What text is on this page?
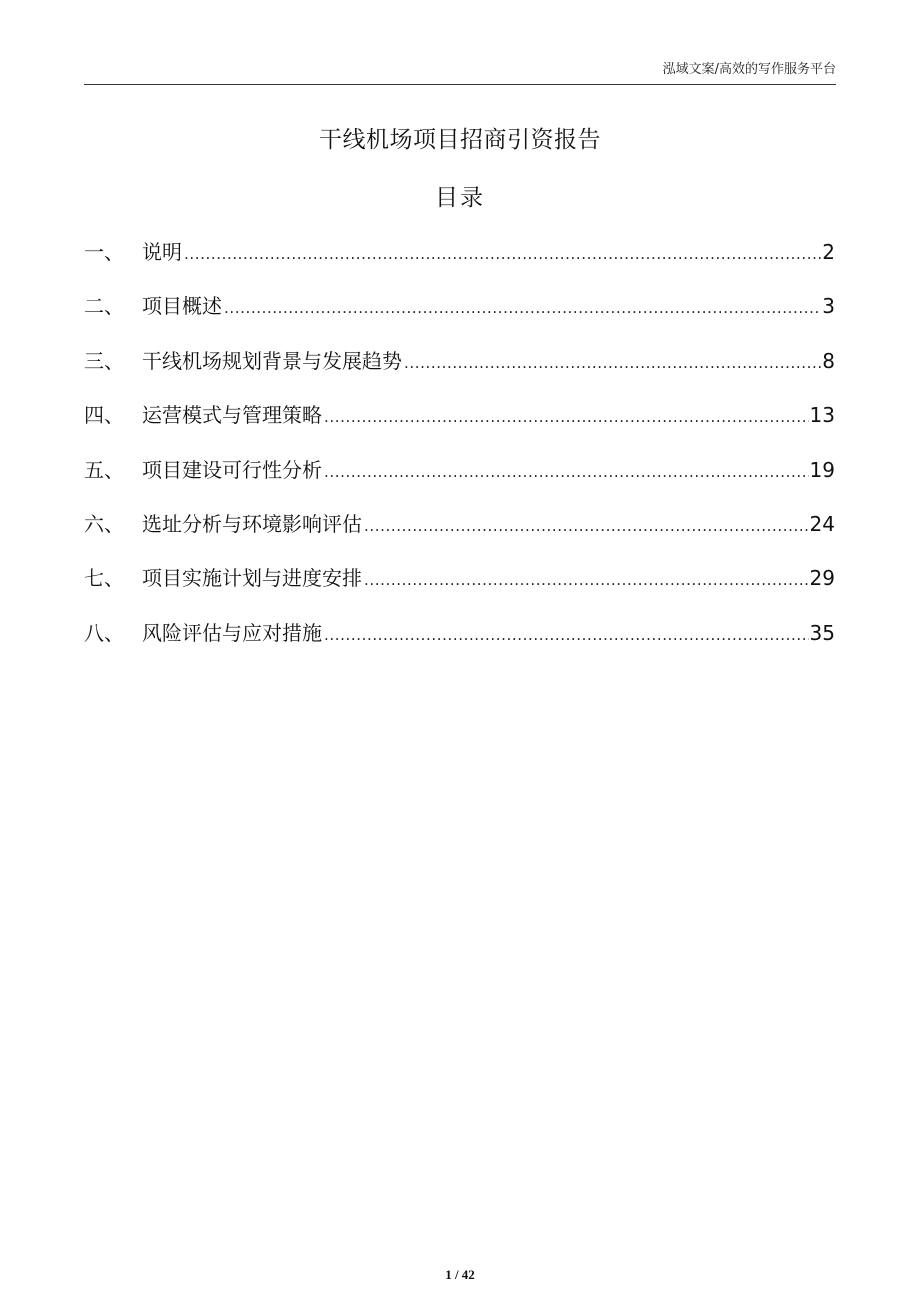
泓域文案/高效的写作服务平台
干线机场项目招商引资报告
目录
一、 说明 .....	2
二、 项目概述 .....	3
三、 干线机场规划背景与发展趋势 .....	8
四、 运营模式与管理策略 .....	13
五、 项目建设可行性分析 .....	19
六、 选址分析与环境影响评估 .....	24
七、 项目实施计划与进度安排 .....	29
八、 风险评估与应对措施 .....	35
1 / 42
